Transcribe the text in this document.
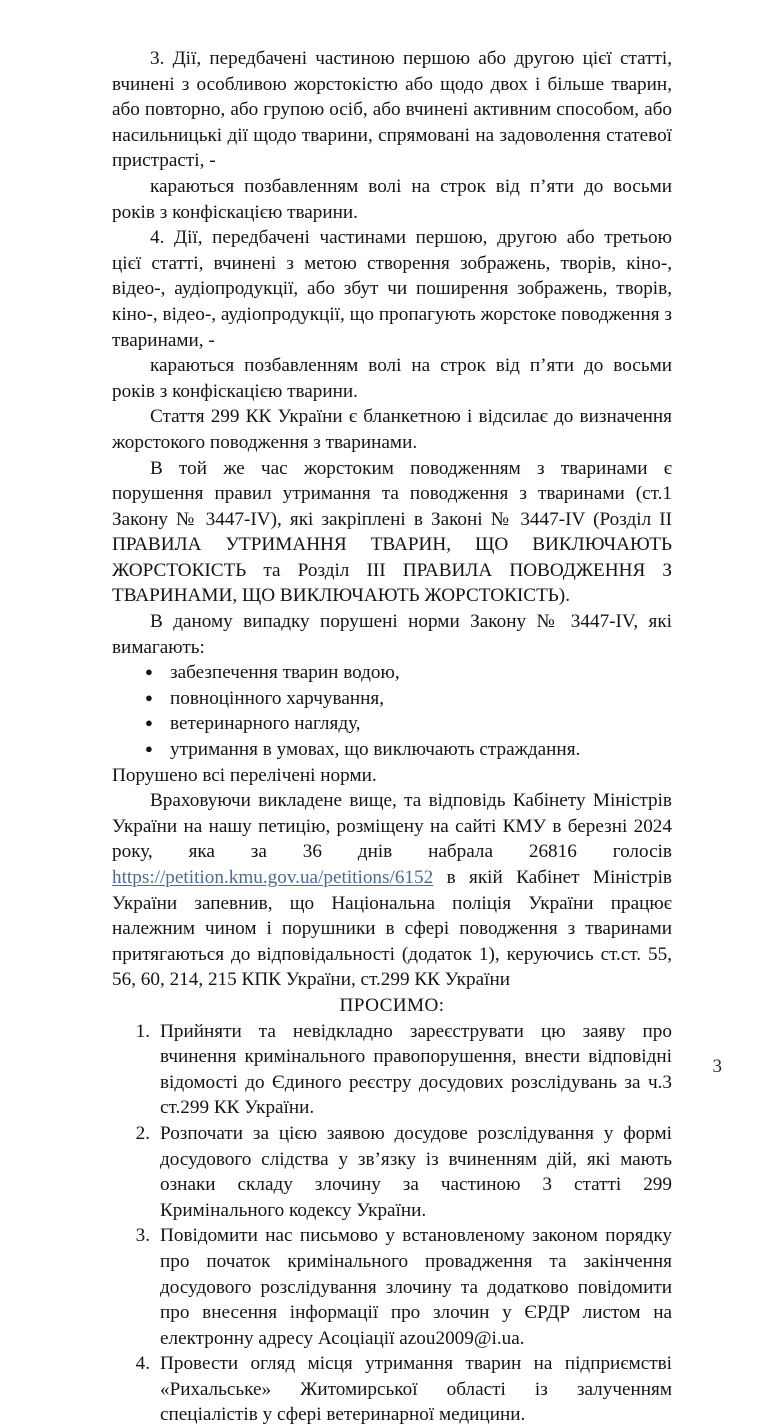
3. Дії, передбачені частиною першою або другою цієї статті, вчинені з особливою жорстокістю або щодо двох і більше тварин, або повторно, або групою осіб, або вчинені активним способом, або насильницькі дії щодо тварини, спрямовані на задоволення статевої пристрасті, -

караються позбавленням волі на строк від п’яти до восьми років з конфіскацією тварини.

4. Дії, передбачені частинами першою, другою або третьою цієї статті, вчинені з метою створення зображень, творів, кіно-, відео-, аудіопродукції, або збут чи поширення зображень, творів, кіно-, відео-, аудіопродукції, що пропагують жорстоке поводження з тваринами, -

караються позбавленням волі на строк від п’яти до восьми років з конфіскацією тварини.

Стаття 299 КК України є бланкетною і відсилає до визначення жорстокого поводження з тваринами.

В той же час жорстоким поводженням з тваринами є порушення правил утримання та поводження з тваринами (ст.1 Закону № 3447-IV), які закріплені в Законі № 3447-IV (Розділ II ПРАВИЛА УТРИМАННЯ ТВАРИН, ЩО ВИКЛЮЧАЮТЬ ЖОРСТОКІСТЬ та Розділ III ПРАВИЛА ПОВОДЖЕННЯ З ТВАРИНАМИ, ЩО ВИКЛЮЧАЮТЬ ЖОРСТОКІСТЬ).

В даному випадку порушені норми Закону № 3447-IV, які вимагають:

● забезпечення тварин водою,
● повноцінного харчування,
● ветеринарного нагляду,
● утримання в умовах, що виключають страждання.

Порушено всі перелічені норми.

Враховуючи викладене вище, та відповідь Кабінету Міністрів України на нашу петицію, розміщену на сайті КМУ в березні 2024 року, яка за 36 днів набрала 26816 голосів https://petition.kmu.gov.ua/petitions/6152 в якій Кабінет Міністрів України запевнив, що Національна поліція України працює належним чином і порушники в сфері поводження з тваринами притягаються до відповідальності (додаток 1), керуючись ст.ст. 55, 56, 60, 214, 215 КПК України, ст.299 КК України

ПРОСИМО:

Прийняти та невідкладно зареєструвати цю заяву про вчинення кримінального правопорушення, внести відповідні відомості до Єдиного реєстру досудових розслідувань за ч.3 ст.299 КК України.
Розпочати за цією заявою досудове розслідування у формі досудового слідства у зв’язку із вчиненням дій, які мають ознаки складу злочину за частиною 3 статті 299 Кримінального кодексу України.
Повідомити нас письмово у встановленому законом порядку про початок кримінального провадження та закінчення досудового розслідування злочину та додатково повідомити про внесення інформації про злочин у ЄРДР листом на електронну адресу Асоціації azou2009@i.ua.
Провести огляд місця утримання тварин на підприємстві «Рихальське» Житомирської області із залученням спеціалістів у сфері ветеринарної медицини.
3
